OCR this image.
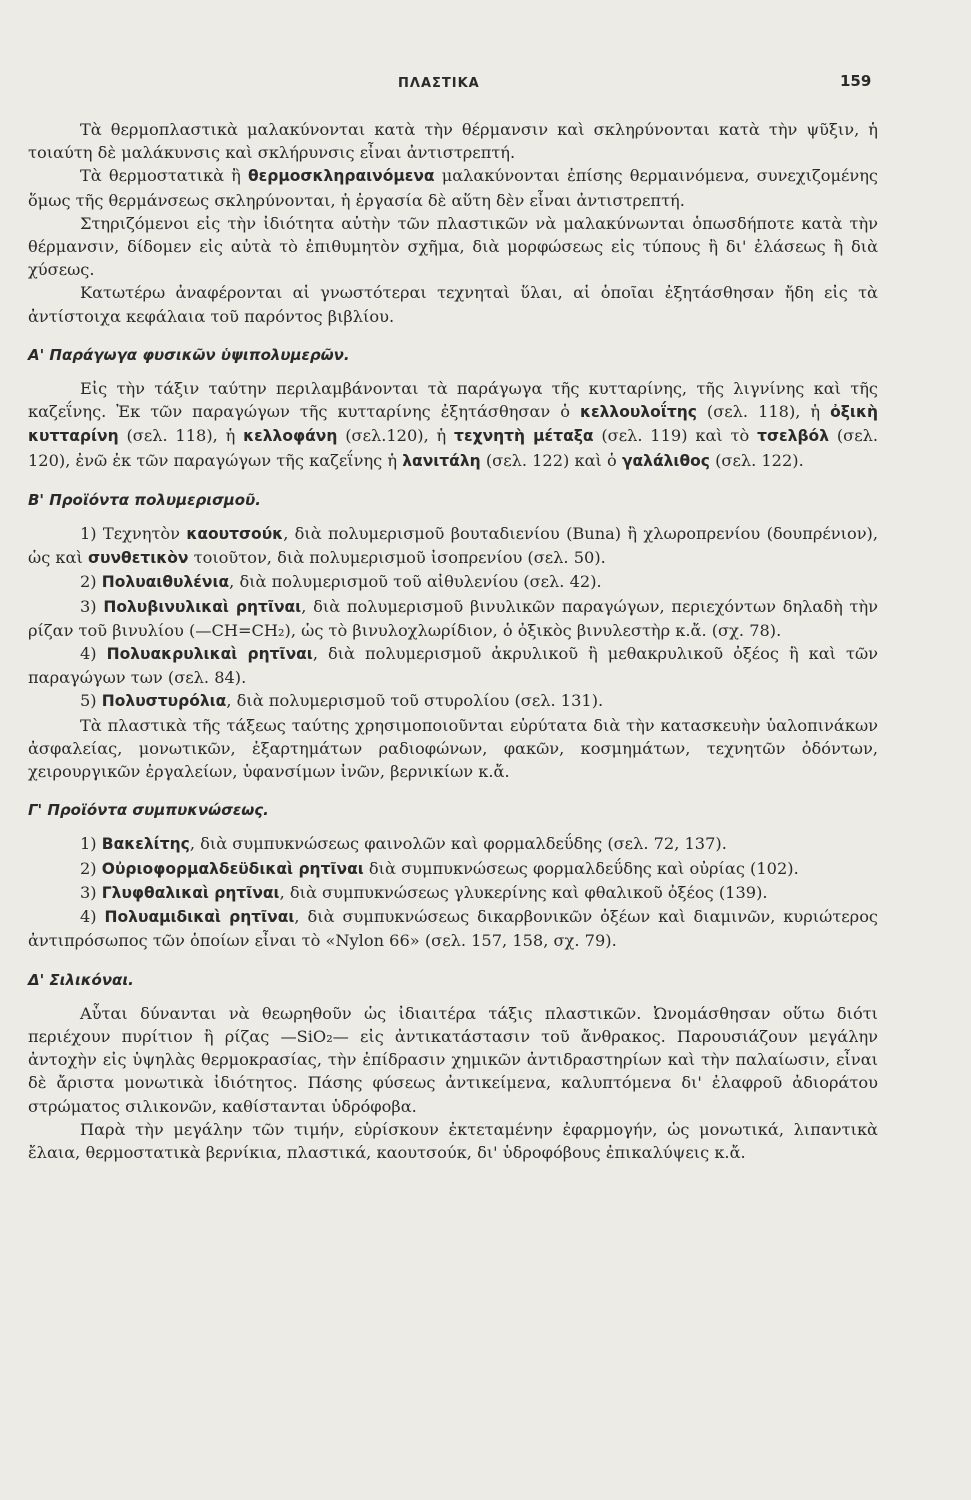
ΠΛΑΣΤΙΚΑ	159

Τὰ θερμοπλαστικὰ μαλακύνονται κατὰ τὴν θέρμανσιν καὶ σκληρύνονται κατὰ τὴν ψῦξιν, ἡ τοιαύτη δὲ μαλάκυνσις καὶ σκλήρυνσις εἶναι ἀντιστρεπτή.

Τὰ θερμοστατικὰ ἢ θερμοσκληραινόμενα μαλακύνονται ἐπίσης θερμαινόμενα, συνεχιζομένης ὅμως τῆς θερμάνσεως σκληρύνονται, ἡ ἐργασία δὲ αὕτη δὲν εἶναι ἀντιστρεπτή.

Στηριζόμενοι εἰς τὴν ἰδιότητα αὐτὴν τῶν πλαστικῶν νὰ μαλακύνωνται ὁπωσδήποτε κατὰ τὴν θέρμανσιν, δίδομεν εἰς αὐτὰ τὸ ἐπιθυμητὸν σχῆμα, διὰ μορφώσεως εἰς τύπους ἢ δι' ἐλάσεως ἢ διὰ χύσεως.

Κατωτέρω ἀναφέρονται αἱ γνωστότεραι τεχνηταὶ ὕλαι, αἱ ὁποῖαι ἐξητάσθησαν ἤδη εἰς τὰ ἀντίστοιχα κεφάλαια τοῦ παρόντος βιβλίου.

Α' Παράγωγα φυσικῶν ὑψιπολυμερῶν.

Εἰς τὴν τάξιν ταύτην περιλαμβάνονται τὰ παράγωγα τῆς κυτταρίνης, τῆς λιγνίνης καὶ τῆς καζεΐνης. Ἐκ τῶν παραγώγων τῆς κυτταρίνης ἐξητάσθησαν ὁ κελλουλοΐτης (σελ. 118), ἡ ὀξικὴ κυτταρίνη (σελ. 118), ἡ κελλοφάνη (σελ.120), ἡ τεχνητὴ μέταξα (σελ. 119) καὶ τὸ τσελβόλ (σελ. 120), ἐνῶ ἐκ τῶν παραγώγων τῆς καζεΐνης ἡ λανιτάλη (σελ. 122) καὶ ὁ γαλάλιθος (σελ. 122).

Β' Προϊόντα πολυμερισμοῦ.

1) Τεχνητὸν καουτσούκ, διὰ πολυμερισμοῦ βουταδιενίου (Buna) ἢ χλωροπρενίου (δουπρένιον), ὡς καὶ συνθετικὸν τοιοῦτον, διὰ πολυμερισμοῦ ἰσοπρενίου (σελ. 50).

2) Πολυαιθυλένια, διὰ πολυμερισμοῦ τοῦ αἰθυλενίου (σελ. 42).

3) Πολυβινυλικαὶ ρητῖναι, διὰ πολυμερισμοῦ βινυλικῶν παραγώγων, περιεχόντων δηλαδὴ τὴν ρίζαν τοῦ βινυλίου (—CH=CH₂), ὡς τὸ βινυλοχλωρίδιον, ὁ ὀξικὸς βινυλεστὴρ κ.ἄ. (σχ. 78).

4) Πολυακρυλικαὶ ρητῖναι, διὰ πολυμερισμοῦ ἀκρυλικοῦ ἢ μεθακρυλικοῦ ὀξέος ἢ καὶ τῶν παραγώγων των (σελ. 84).

5) Πολυστυρόλια, διὰ πολυμερισμοῦ τοῦ στυρολίου (σελ. 131).

Τὰ πλαστικὰ τῆς τάξεως ταύτης χρησιμοποιοῦνται εὐρύτατα διὰ τὴν κατασκευὴν ὑαλοπινάκων ἀσφαλείας, μονωτικῶν, ἐξαρτημάτων ραδιοφώνων, φακῶν, κοσμημάτων, τεχνητῶν ὀδόντων, χειρουργικῶν ἐργαλείων, ὑφανσίμων ἰνῶν, βερνικίων κ.ἄ.

Γ' Προϊόντα συμπυκνώσεως.

1) Βακελίτης, διὰ συμπυκνώσεως φαινολῶν καὶ φορμαλδεΰδης (σελ. 72, 137).

2) Οὐριοφορμαλδεϋδικαὶ ρητῖναι διὰ συμπυκνώσεως φορμαλδεΰδης καὶ οὐρίας (102).

3) Γλυφθαλικαὶ ρητῖναι, διὰ συμπυκνώσεως γλυκερίνης καὶ φθαλικοῦ ὀξέος (139).

4) Πολυαμιδικαὶ ρητῖναι, διὰ συμπυκνώσεως δικαρβονικῶν ὀξέων καὶ διαμινῶν, κυριώτερος ἀντιπρόσωπος τῶν ὁποίων εἶναι τὸ «Nylon 66» (σελ. 157, 158, σχ. 79).

Δ' Σιλικόναι.

Αὗται δύνανται νὰ θεωρηθοῦν ὡς ἰδιαιτέρα τάξις πλαστικῶν. Ὠνομάσθησαν οὕτω διότι περιέχουν πυρίτιον ἢ ρίζας —SiO₂— εἰς ἀντικατάστασιν τοῦ ἄνθρακος. Παρουσιάζουν μεγάλην ἀντοχὴν εἰς ὑψηλὰς θερμοκρασίας, τὴν ἐπίδρασιν χημικῶν ἀντιδραστηρίων καὶ τὴν παλαίωσιν, εἶναι δὲ ἄριστα μονωτικὰ ἰδιότητος. Πάσης φύσεως ἀντικείμενα, καλυπτόμενα δι' ἐλαφροῦ ἀδιοράτου στρώματος σιλικονῶν, καθίστανται ὑδρόφοβα.

Παρὰ τὴν μεγάλην τῶν τιμήν, εὑρίσκουν ἐκτεταμένην ἐφαρμογήν, ὡς μονωτικά, λιπαντικὰ ἔλαια, θερμοστατικὰ βερνίκια, πλαστικά, καουτσούκ, δι' ὑδροφόβους ἐπικαλύψεις κ.ἄ.
